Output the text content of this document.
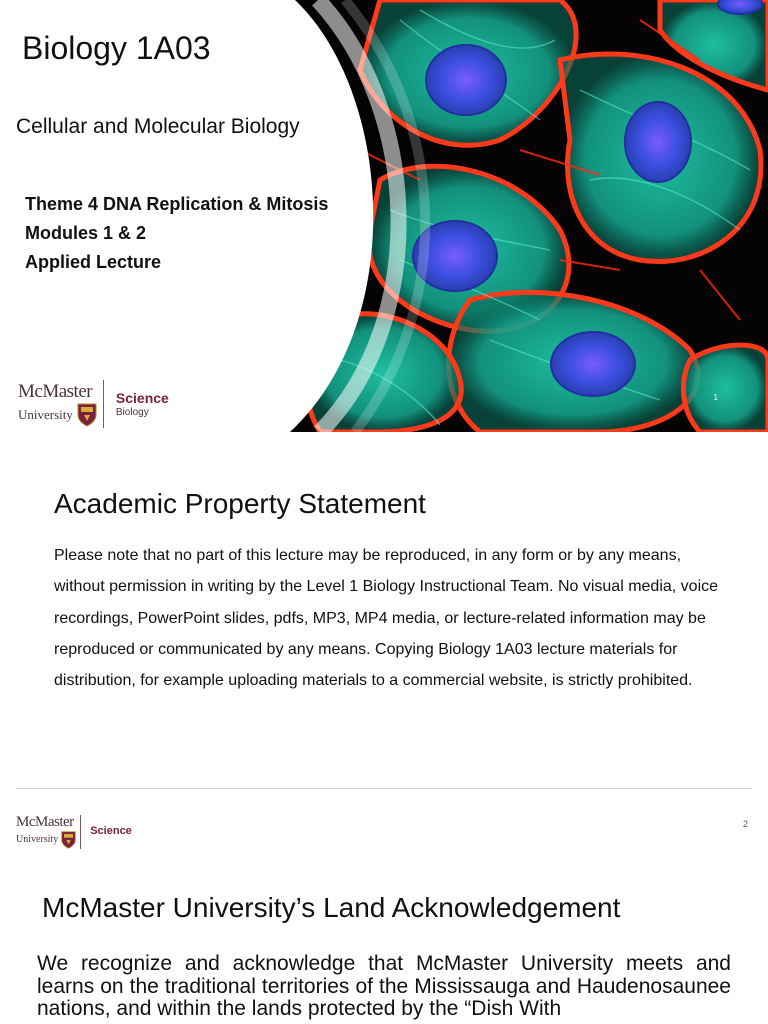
Biology 1A03
Cellular and Molecular Biology
Theme 4 DNA Replication & Mitosis
Modules 1 & 2
Applied Lecture
McMaster
University
Science
Biology
1
Academic Property Statement

Please note that no part of this lecture may be reproduced, in any form or by any means, without permission in writing by the Level 1 Biology Instructional Team. No visual media, voice recordings, PowerPoint slides, pdfs, MP3, MP4 media, or lecture-related information may be reproduced or communicated by any means. Copying Biology 1A03 lecture materials for distribution, for example uploading materials to a commercial website, is strictly prohibited.

McMaster
University
Science
2
McMaster University’s Land Acknowledgement

We recognize and acknowledge that McMaster University meets and learns on the traditional territories of the Mississauga and Haudenosaunee nations, and within the lands protected by the “Dish With
